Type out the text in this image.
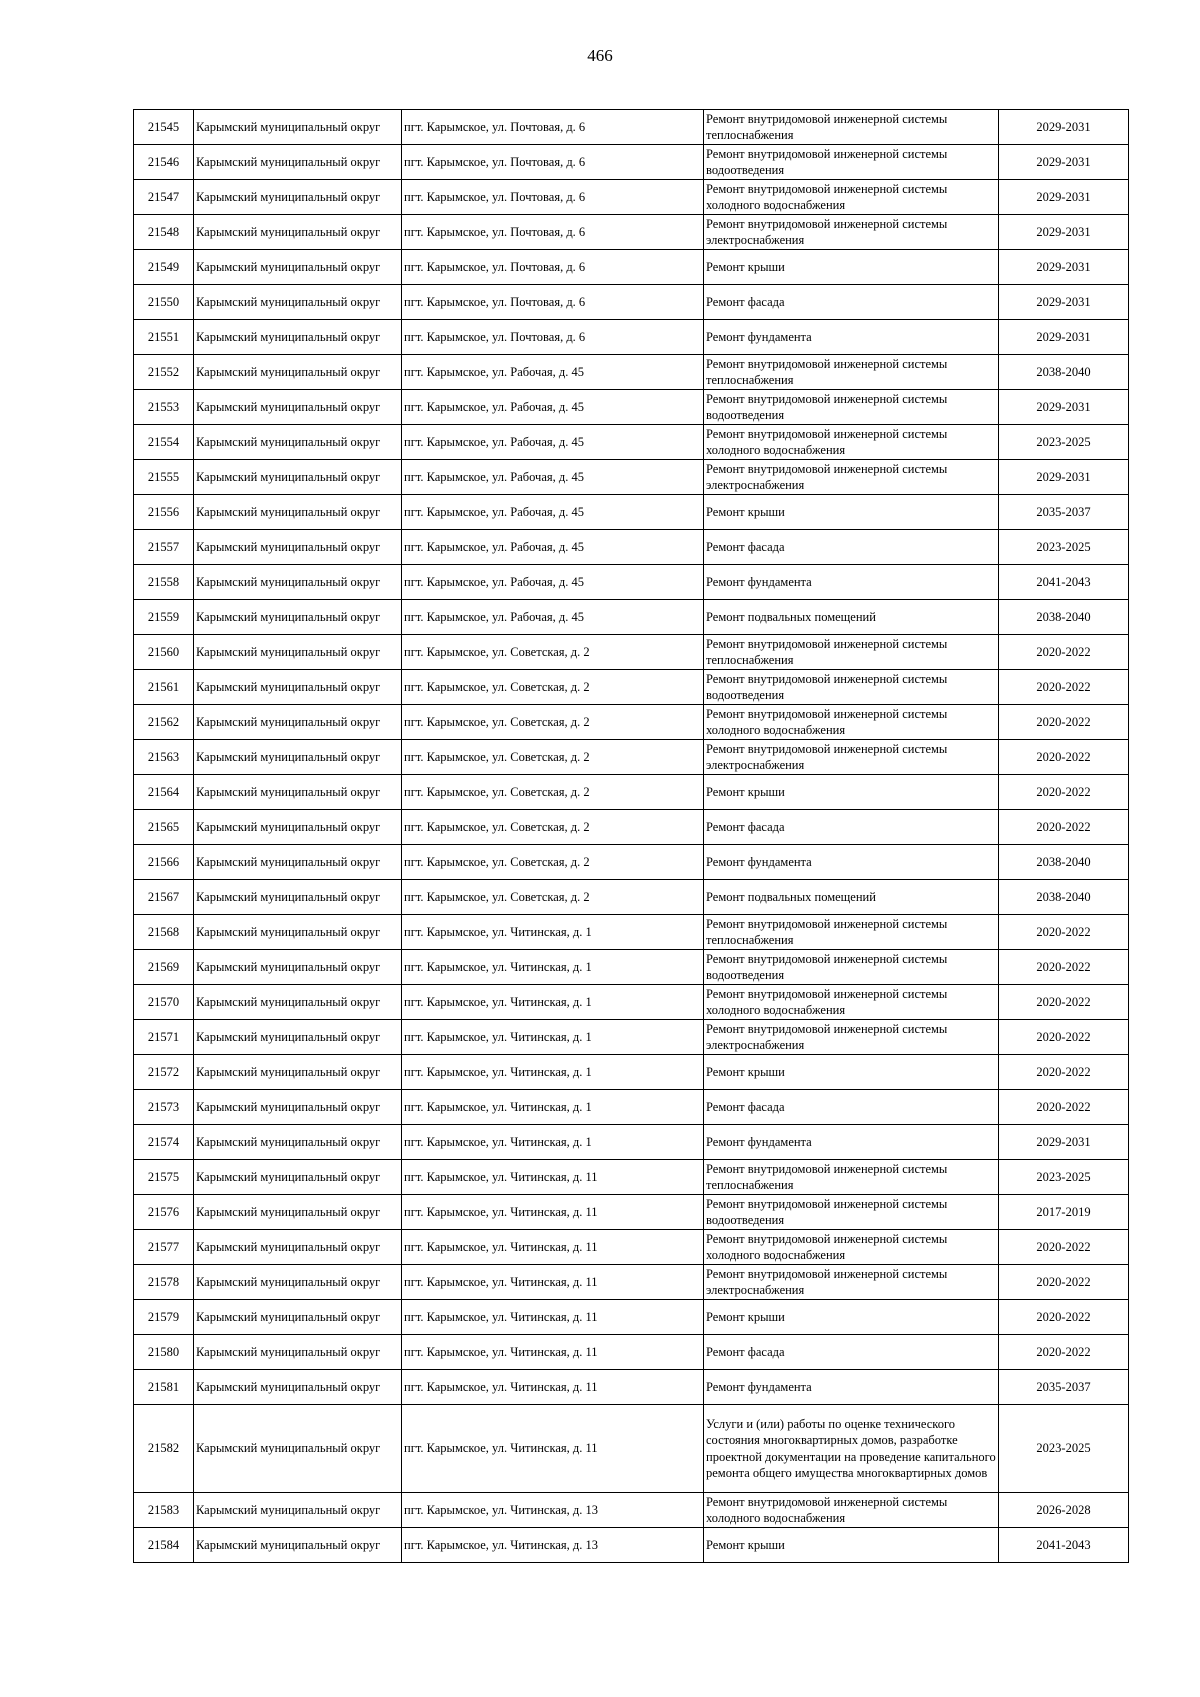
466
21545	Карымский муниципальный округ	пгт. Карымское, ул. Почтовая, д. 6	Ремонт внутридомовой инженерной системы теплоснабжения	2029-2031
21546	Карымский муниципальный округ	пгт. Карымское, ул. Почтовая, д. 6	Ремонт внутридомовой инженерной системы водоотведения	2029-2031
21547	Карымский муниципальный округ	пгт. Карымское, ул. Почтовая, д. 6	Ремонт внутридомовой инженерной системы холодного водоснабжения	2029-2031
21548	Карымский муниципальный округ	пгт. Карымское, ул. Почтовая, д. 6	Ремонт внутридомовой инженерной системы электроснабжения	2029-2031
21549	Карымский муниципальный округ	пгт. Карымское, ул. Почтовая, д. 6	Ремонт крыши	2029-2031
21550	Карымский муниципальный округ	пгт. Карымское, ул. Почтовая, д. 6	Ремонт фасада	2029-2031
21551	Карымский муниципальный округ	пгт. Карымское, ул. Почтовая, д. 6	Ремонт фундамента	2029-2031
21552	Карымский муниципальный округ	пгт. Карымское, ул. Рабочая, д. 45	Ремонт внутридомовой инженерной системы теплоснабжения	2038-2040
21553	Карымский муниципальный округ	пгт. Карымское, ул. Рабочая, д. 45	Ремонт внутридомовой инженерной системы водоотведения	2029-2031
21554	Карымский муниципальный округ	пгт. Карымское, ул. Рабочая, д. 45	Ремонт внутридомовой инженерной системы холодного водоснабжения	2023-2025
21555	Карымский муниципальный округ	пгт. Карымское, ул. Рабочая, д. 45	Ремонт внутридомовой инженерной системы электроснабжения	2029-2031
21556	Карымский муниципальный округ	пгт. Карымское, ул. Рабочая, д. 45	Ремонт крыши	2035-2037
21557	Карымский муниципальный округ	пгт. Карымское, ул. Рабочая, д. 45	Ремонт фасада	2023-2025
21558	Карымский муниципальный округ	пгт. Карымское, ул. Рабочая, д. 45	Ремонт фундамента	2041-2043
21559	Карымский муниципальный округ	пгт. Карымское, ул. Рабочая, д. 45	Ремонт подвальных помещений	2038-2040
21560	Карымский муниципальный округ	пгт. Карымское, ул. Советская, д. 2	Ремонт внутридомовой инженерной системы теплоснабжения	2020-2022
21561	Карымский муниципальный округ	пгт. Карымское, ул. Советская, д. 2	Ремонт внутридомовой инженерной системы водоотведения	2020-2022
21562	Карымский муниципальный округ	пгт. Карымское, ул. Советская, д. 2	Ремонт внутридомовой инженерной системы холодного водоснабжения	2020-2022
21563	Карымский муниципальный округ	пгт. Карымское, ул. Советская, д. 2	Ремонт внутридомовой инженерной системы электроснабжения	2020-2022
21564	Карымский муниципальный округ	пгт. Карымское, ул. Советская, д. 2	Ремонт крыши	2020-2022
21565	Карымский муниципальный округ	пгт. Карымское, ул. Советская, д. 2	Ремонт фасада	2020-2022
21566	Карымский муниципальный округ	пгт. Карымское, ул. Советская, д. 2	Ремонт фундамента	2038-2040
21567	Карымский муниципальный округ	пгт. Карымское, ул. Советская, д. 2	Ремонт подвальных помещений	2038-2040
21568	Карымский муниципальный округ	пгт. Карымское, ул. Читинская, д. 1	Ремонт внутридомовой инженерной системы теплоснабжения	2020-2022
21569	Карымский муниципальный округ	пгт. Карымское, ул. Читинская, д. 1	Ремонт внутридомовой инженерной системы водоотведения	2020-2022
21570	Карымский муниципальный округ	пгт. Карымское, ул. Читинская, д. 1	Ремонт внутридомовой инженерной системы холодного водоснабжения	2020-2022
21571	Карымский муниципальный округ	пгт. Карымское, ул. Читинская, д. 1	Ремонт внутридомовой инженерной системы электроснабжения	2020-2022
21572	Карымский муниципальный округ	пгт. Карымское, ул. Читинская, д. 1	Ремонт крыши	2020-2022
21573	Карымский муниципальный округ	пгт. Карымское, ул. Читинская, д. 1	Ремонт фасада	2020-2022
21574	Карымский муниципальный округ	пгт. Карымское, ул. Читинская, д. 1	Ремонт фундамента	2029-2031
21575	Карымский муниципальный округ	пгт. Карымское, ул. Читинская, д. 11	Ремонт внутридомовой инженерной системы теплоснабжения	2023-2025
21576	Карымский муниципальный округ	пгт. Карымское, ул. Читинская, д. 11	Ремонт внутридомовой инженерной системы водоотведения	2017-2019
21577	Карымский муниципальный округ	пгт. Карымское, ул. Читинская, д. 11	Ремонт внутридомовой инженерной системы холодного водоснабжения	2020-2022
21578	Карымский муниципальный округ	пгт. Карымское, ул. Читинская, д. 11	Ремонт внутридомовой инженерной системы электроснабжения	2020-2022
21579	Карымский муниципальный округ	пгт. Карымское, ул. Читинская, д. 11	Ремонт крыши	2020-2022
21580	Карымский муниципальный округ	пгт. Карымское, ул. Читинская, д. 11	Ремонт фасада	2020-2022
21581	Карымский муниципальный округ	пгт. Карымское, ул. Читинская, д. 11	Ремонт фундамента	2035-2037
21582	Карымский муниципальный округ	пгт. Карымское, ул. Читинская, д. 11	Услуги и (или) работы по оценке технического состояния многоквартирных домов, разработке проектной документации на проведение капитального ремонта общего имущества многоквартирных домов	2023-2025
21583	Карымский муниципальный округ	пгт. Карымское, ул. Читинская, д. 13	Ремонт внутридомовой инженерной системы холодного водоснабжения	2026-2028
21584	Карымский муниципальный округ	пгт. Карымское, ул. Читинская, д. 13	Ремонт крыши	2041-2043
